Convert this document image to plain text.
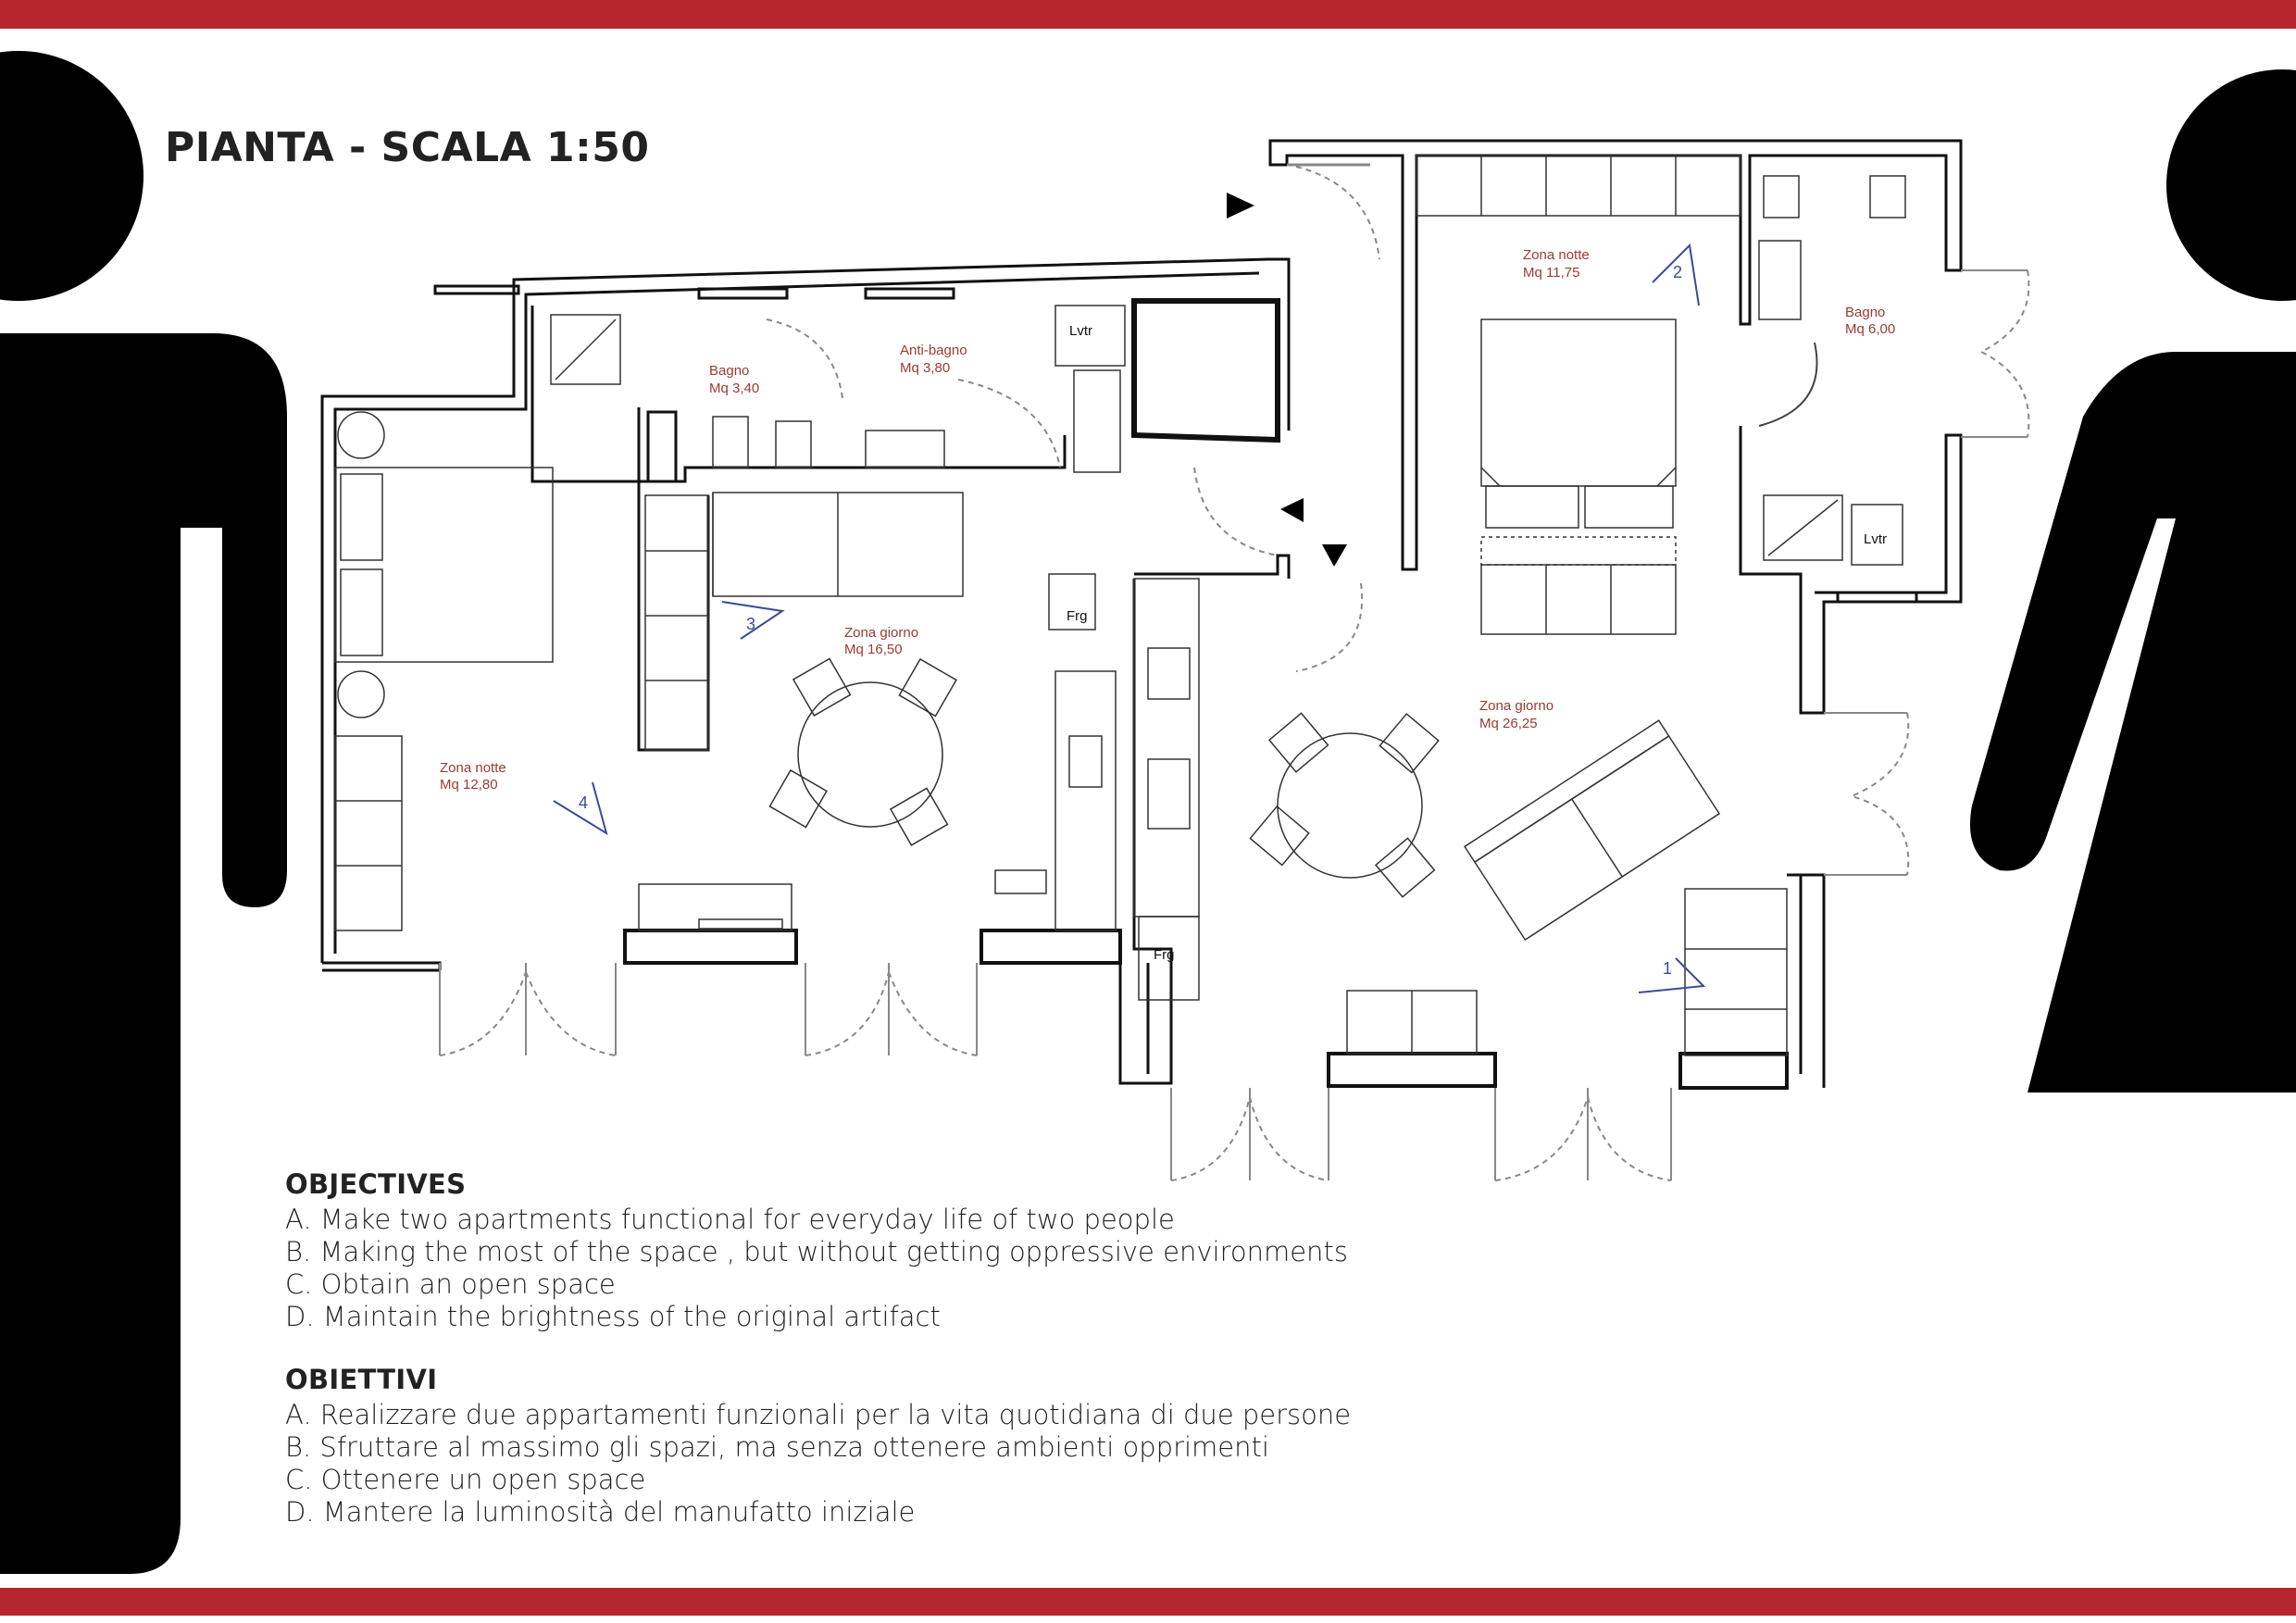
Bagno
Mq 3,40
Anti-bagno
Mq 3,80
Zona giorno
Mq 16,50
Zona notte
Mq 12,80
Zona notte
Mq 11,75
Bagno
Mq 6,00
Zona giorno
Mq 26,25
Lvtr
Lvtr
Frg
Frg
1
2
3
4
PIANTA - SCALA 1:50
OBJECTIVES
A. Make two apartments functional for everyday life of two people
B. Making the most of the space , but without getting oppressive environments
C. Obtain an open space
D. Maintain the brightness of the original artifact
OBIETTIVI
A. Realizzare due appartamenti funzionali per la vita quotidiana di due persone
B. Sfruttare al massimo gli spazi, ma senza ottenere ambienti opprimenti
C. Ottenere un open space
D. Mantere la luminosità del manufatto iniziale
